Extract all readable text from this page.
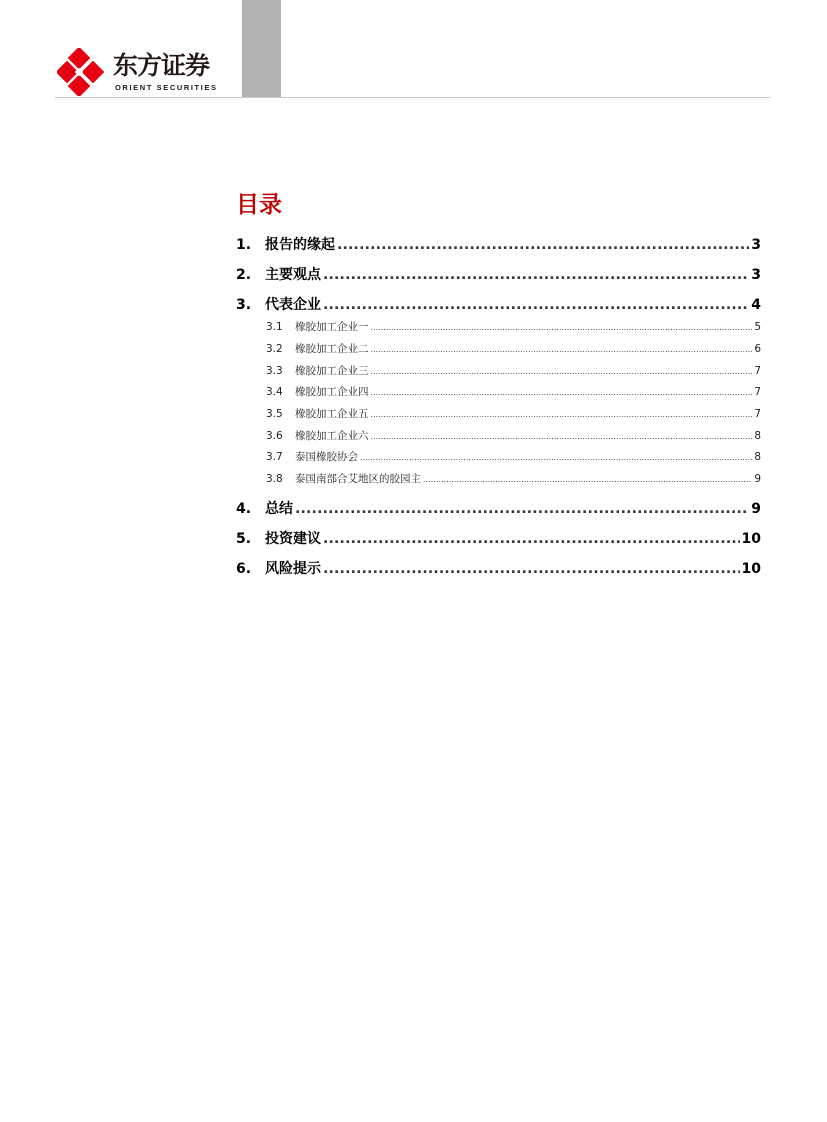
东方证券
ORIENT SECURITIES
目录
1. 报告的缘起 .....	3
2. 主要观点 .....	3
3. 代表企业 .....	4
3.1	橡胶加工企业一 .....	5
3.2	橡胶加工企业二 .....	6
3.3	橡胶加工企业三 .....	7
3.4	橡胶加工企业四 .....	7
3.5	橡胶加工企业五 .....	7
3.6	橡胶加工企业六 .....	8
3.7	泰国橡胶协会 .....	8
3.8	泰国南部合艾地区的胶园主 .....	9
4. 总结 .....	9
5. 投资建议 .....	10
6. 风险提示 .....	10
